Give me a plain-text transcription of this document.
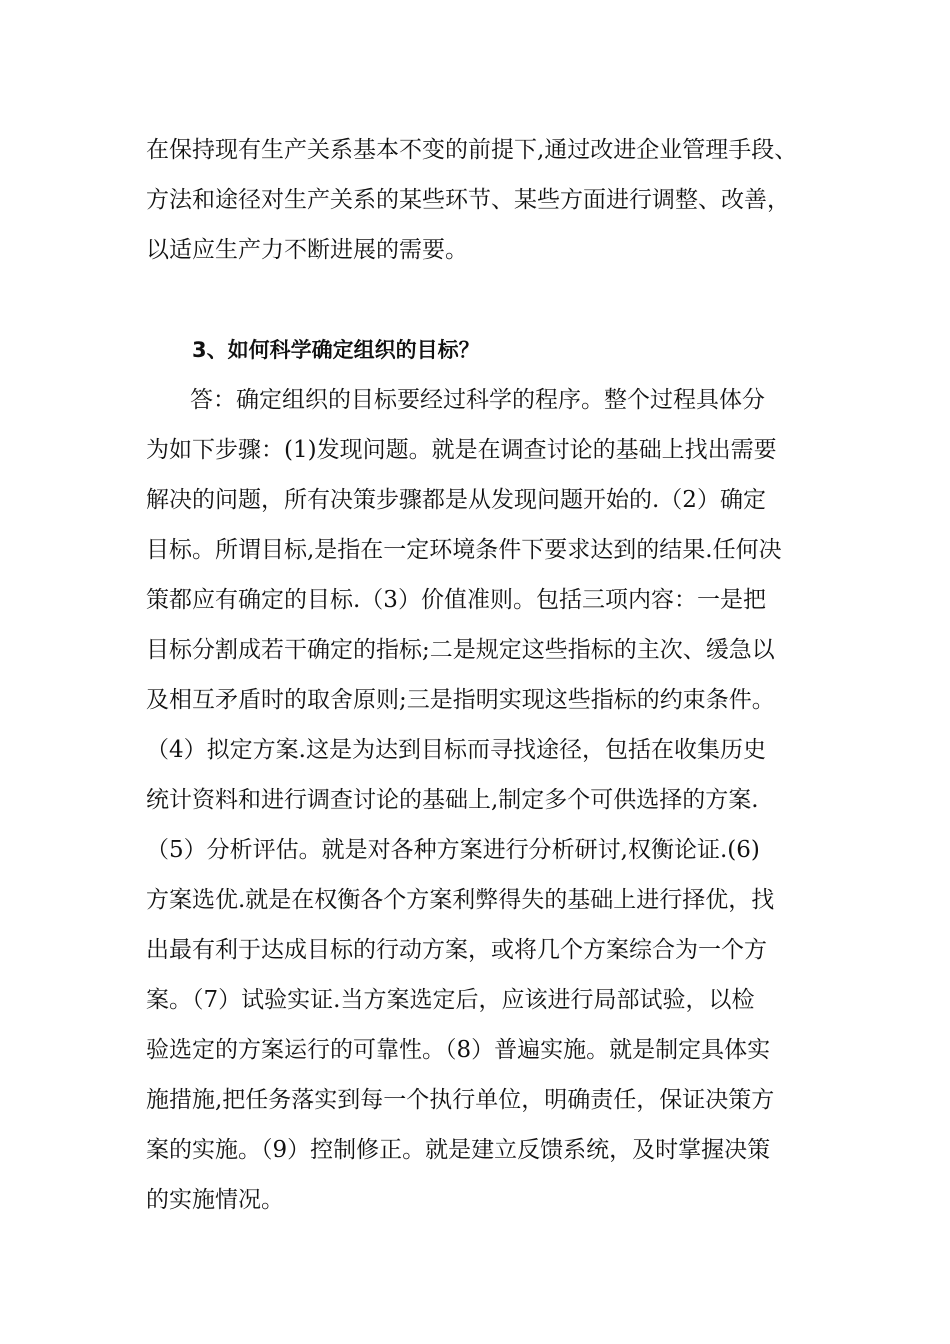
在保持现有生产关系基本不变的前提下,通过改进企业管理手段、
方法和途径对生产关系的某些环节、某些方面进行调整、改善，
以适应生产力不断进展的需要。
3、如何科学确定组织的目标？
答：确定组织的目标要经过科学的程序。整个过程具体分
为如下步骤：(1)发现问题。就是在调查讨论的基础上找出需要
解决的问题，所有决策步骤都是从发现问题开始的.（2）确定
目标。所谓目标,是指在一定环境条件下要求达到的结果.任何决
策都应有确定的目标.（3）价值准则。包括三项内容：一是把
目标分割成若干确定的指标;二是规定这些指标的主次、缓急以
及相互矛盾时的取舍原则;三是指明实现这些指标的约束条件。
（4）拟定方案.这是为达到目标而寻找途径，包括在收集历史
统计资料和进行调查讨论的基础上,制定多个可供选择的方案.
（5）分析评估。就是对各种方案进行分析研讨,权衡论证.(6)
方案选优.就是在权衡各个方案利弊得失的基础上进行择优，找
出最有利于达成目标的行动方案，或将几个方案综合为一个方
案。（7）试验实证.当方案选定后，应该进行局部试验，以检
验选定的方案运行的可靠性。（8）普遍实施。就是制定具体实
施措施,把任务落实到每一个执行单位，明确责任，保证决策方
案的实施。（9）控制修正。就是建立反馈系统，及时掌握决策
的实施情况。
